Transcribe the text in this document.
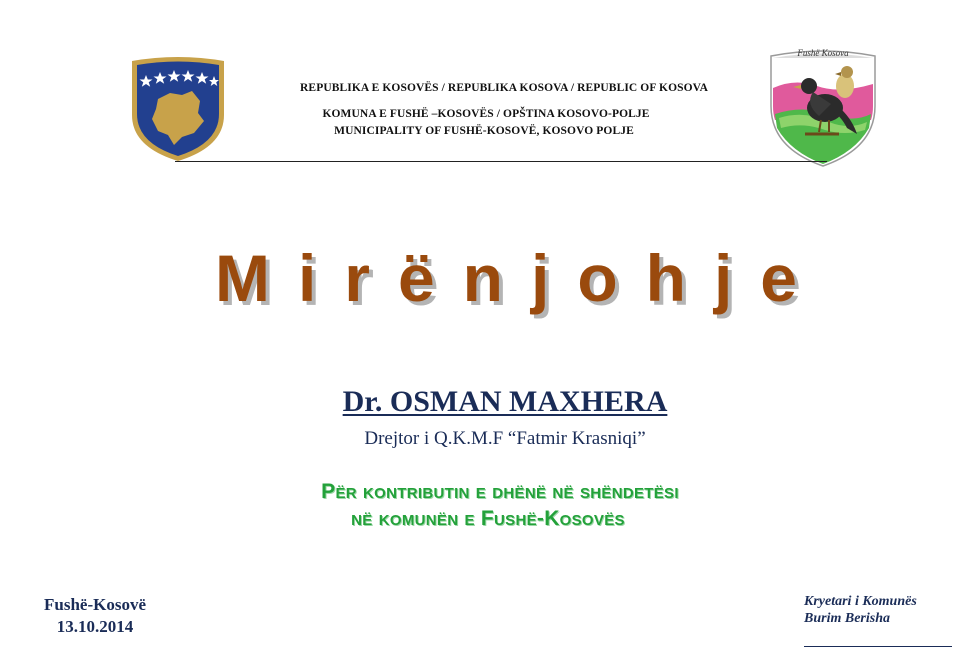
Fushë Kosova
REPUBLIKA E KOSOVËS / REPUBLIKA KOSOVA / REPUBLIC OF KOSOVA
KOMUNA E FUSHË –KOSOVËS / OPŠTINA KOSOVO-POLJE
MUNICIPALITY OF FUSHË-KOSOVË, KOSOVO POLJE
Mirënjohje
Dr. OSMAN MAXHERA
Drejtor i Q.K.M.F “Fatmir Krasniqi”
Për kontributin e dhënë në shëndetësi
në komunën e Fushë-Kosovës
Fushë-Kosovë
13.10.2014
Kryetari i Komunës
Burim Berisha
